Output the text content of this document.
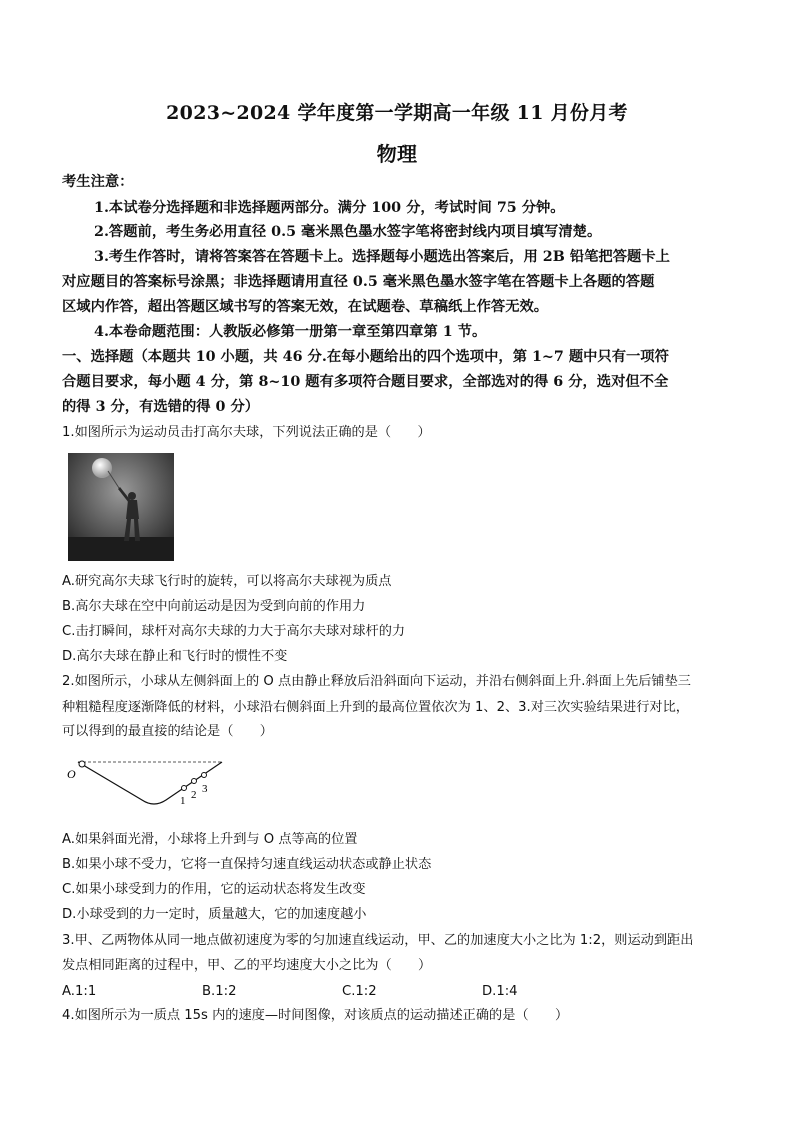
2023~2024 学年度第一学期高一年级 11 月份月考
物理
考生注意：
1.本试卷分选择题和非选择题两部分。满分 100 分，考试时间 75 分钟。
2.答题前，考生务必用直径 0.5 毫米黑色墨水签字笔将密封线内项目填写清楚。
3.考生作答时，请将答案答在答题卡上。选择题每小题选出答案后，用 2B 铅笔把答题卡上
对应题目的答案标号涂黑；非选择题请用直径 0.5 毫米黑色墨水签字笔在答题卡上各题的答题
区域内作答，超出答题区域书写的答案无效，在试题卷、草稿纸上作答无效。
4.本卷命题范围：人教版必修第一册第一章至第四章第 1 节。
一、选择题（本题共 10 小题，共 46 分.在每小题给出的四个选项中，第 1~7 题中只有一项符
合题目要求，每小题 4 分，第 8~10 题有多项符合题目要求，全部选对的得 6 分，选对但不全
的得 3 分，有选错的得 0 分）
1.如图所示为运动员击打高尔夫球，下列说法正确的是（　　）
A.研究高尔夫球飞行时的旋转，可以将高尔夫球视为质点
B.高尔夫球在空中向前运动是因为受到向前的作用力
C.击打瞬间，球杆对高尔夫球的力大于高尔夫球对球杆的力
D.高尔夫球在静止和飞行时的惯性不变
2.如图所示，小球从左侧斜面上的 O 点由静止释放后沿斜面向下运动，并沿右侧斜面上升.斜面上先后铺垫三
种粗糙程度逐渐降低的材料，小球沿右侧斜面上升到的最高位置依次为 1、2、3.对三次实验结果进行对比，
可以得到的最直接的结论是（　　）
O
1 2 3
A.如果斜面光滑，小球将上升到与 O 点等高的位置
B.如果小球不受力，它将一直保持匀速直线运动状态或静止状态
C.如果小球受到力的作用，它的运动状态将发生改变
D.小球受到的力一定时，质量越大，它的加速度越小
3.甲、乙两物体从同一地点做初速度为零的匀加速直线运动，甲、乙的加速度大小之比为 1:2，则运动到距出
发点相同距离的过程中，甲、乙的平均速度大小之比为（　　）
A.1:1	B.1:2	C.1:2	D.1:4
4.如图所示为一质点 15s 内的速度—时间图像，对该质点的运动描述正确的是（　　）
